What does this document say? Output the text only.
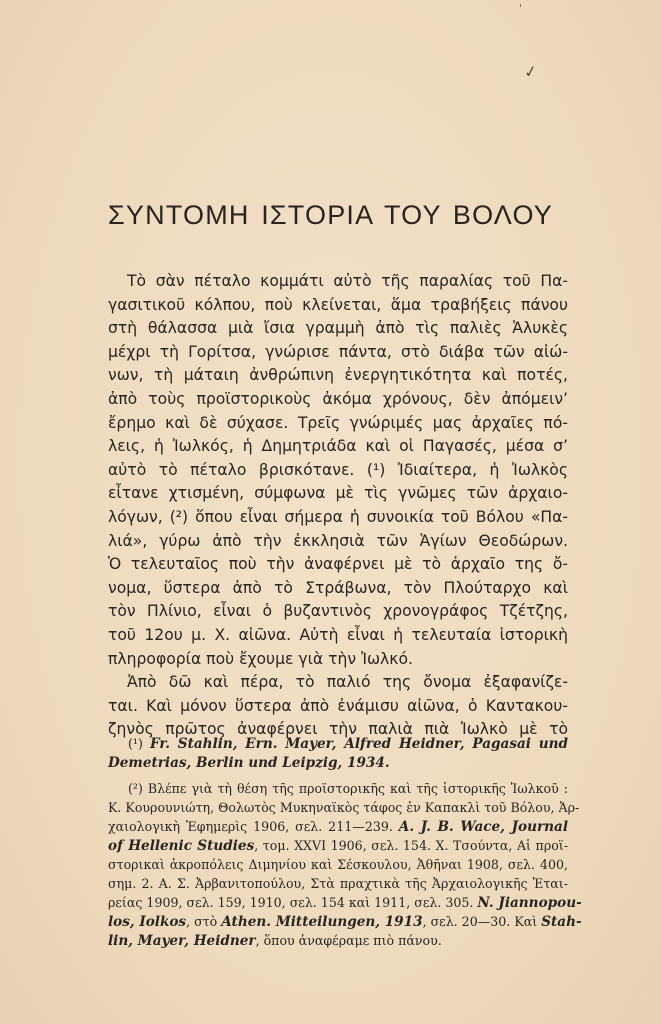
ˈ
✓
ΣΥΝΤΟΜΗ ΙΣΤΟΡΙΑ ΤΟΥ ΒΟΛΟΥ
Τὸ σὰν πέταλο κομμάτι αὐτὸ τῆς παραλίας τοῦ Πα-
γασιτικοῦ κόλπου, ποὺ κλείνεται, ἅμα τραβήξεις πάνου
στὴ θάλασσα μιὰ ἴσια γραμμὴ ἀπὸ τὶς παλιὲς Ἁλυκὲς
μέχρι τὴ Γορίτσα, γνώρισε πάντα, στὸ διάβα τῶν αἰώ-
νων, τὴ μάταιη ἀνθρώπινη ἐνεργητικότητα καὶ ποτές,
ἀπὸ τοὺς προϊστορικοὺς ἀκόμα χρόνους, δὲν ἀπόμειν’
ἔρημο καὶ δὲ σύχασε. Τρεῖς γνώριμές μας ἀρχαῖες πό-
λεις, ἡ Ἰωλκός, ἡ Δημητριάδα καὶ οἱ Παγασές, μέσα σ’
αὐτὸ τὸ πέταλο βρισκότανε. (¹) Ἰδιαίτερα, ἡ Ἰωλκὸς
εἶτανε χτισμένη, σύμφωνα μὲ τὶς γνῶμες τῶν ἀρχαιο-
λόγων, (²) ὅπου εἶναι σήμερα ἡ συνοικία τοῦ Βόλου «Πα-
λιά», γύρω ἀπὸ τὴν ἐκκλησιὰ τῶν Ἁγίων Θεοδώρων.
Ὁ τελευταῖος ποὺ τὴν ἀναφέρνει μὲ τὸ ἀρχαῖο της ὄ-
νομα, ὕστερα ἀπὸ τὸ Στράβωνα, τὸν Πλούταρχο καὶ
τὸν Πλίνιο, εἶναι ὁ βυζαντινὸς χρονογράφος Τζέτζης,
τοῦ 12ου μ. Χ. αἰῶνα. Αὐτὴ εἶναι ἡ τελευταία ἱστορικὴ
πληροφορία ποὺ ἔχουμε γιὰ τὴν Ἰωλκό.
Ἀπὸ δῶ καὶ πέρα, τὸ παλιό της ὄνομα ἐξαφανίζε-
ται. Καὶ μόνον ὕστερα ἀπὸ ἐνάμισυ αἰῶνα, ὁ Καντακου-
ζηνὸς πρῶτος ἀναφέρνει τὴν παλιὰ πιὰ Ἰωλκὸ μὲ τὸ
(¹) Fr. Stahlin, Ern. Mayer, Alfred Heidner, Pagasai und
Demetrias, Berlin und Leipzig, 1934.
(²) Βλέπε γιὰ τὴ θέση τῆς προϊστορικῆς καὶ τῆς ἱστορικῆς Ἰωλκοῦ :
Κ. Κουρουνιώτη, Θολωτὸς Μυκηναϊκὸς τάφος ἐν Καπακλὶ τοῦ Βόλου, Ἀρ-
χαιολογικὴ Ἐφημερὶς 1906, σελ. 211—239. A. J. B. Wace, Journal
of Hellenic Studies, τομ. XXVI 1906, σελ. 154. Χ. Τσούντα, Αἱ προϊ-
στορικαὶ ἀκροπόλεις Διμηνίου καὶ Σέσκουλου, Ἀθῆναι 1908, σελ. 400,
σημ. 2. Α. Σ. Ἀρβανιτοπούλου, Στὰ πραχτικὰ τῆς Ἀρχαιολογικῆς Ἑται-
ρείας 1909, σελ. 159, 1910, σελ. 154 καὶ 1911, σελ. 305. N. Jiannopou-
los, Iolkos, στὸ Athen. Mitteilungen, 1913, σελ. 20—30. Καὶ Stah-
lin, Mayer, Heidner, ὅπου ἀναφέραμε πιὸ πάνου.
